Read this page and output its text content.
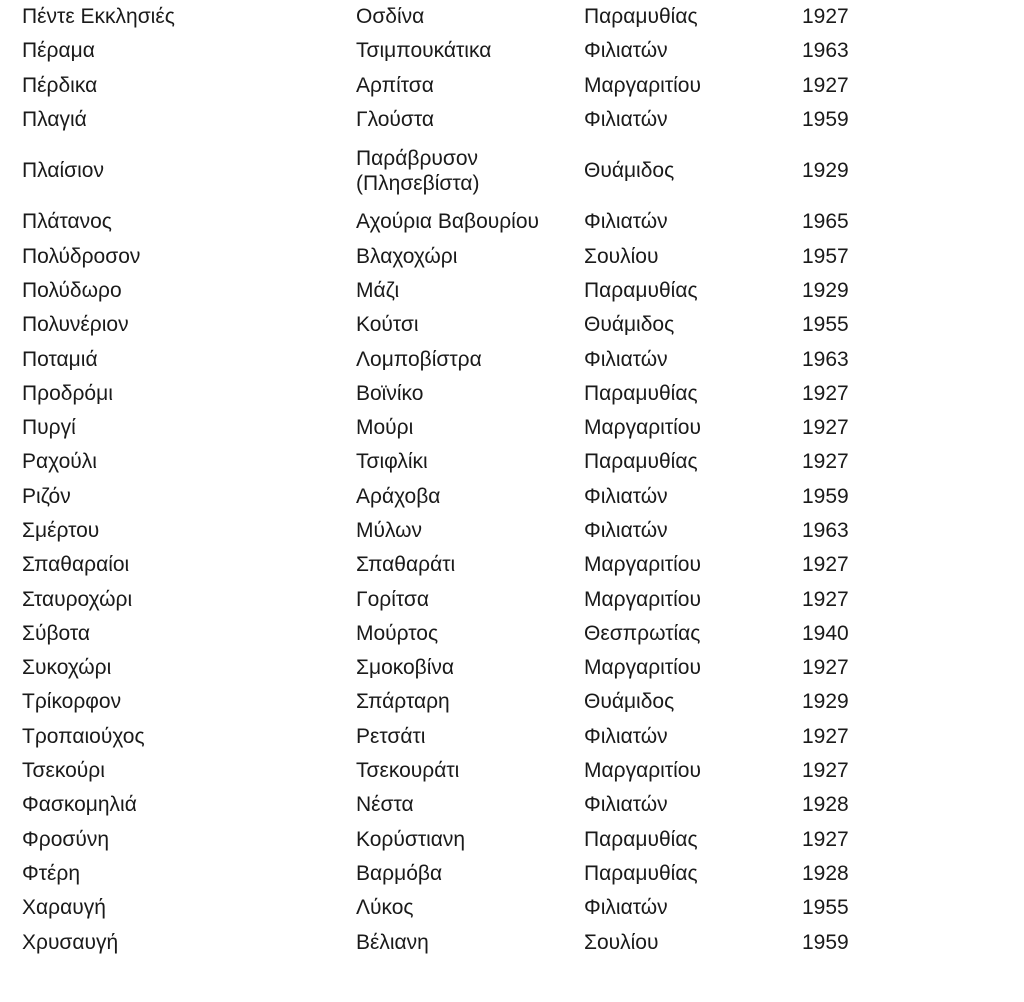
Πέντε Εκκλησιές	Οσδίνα	Παραμυθίας	1927
Πέραμα	Τσιμπουκάτικα	Φιλιατών	1963
Πέρδικα	Αρπίτσα	Μαργαριτίου	1927
Πλαγιά	Γλούστα	Φιλιατών	1959
Πλαίσιον	Παράβρυσον (Πλησεβίστα)	Θυάμιδος	1929
Πλάτανος	Αχούρια Βαβουρίου	Φιλιατών	1965
Πολύδροσον	Βλαχοχώρι	Σουλίου	1957
Πολύδωρο	Μάζι	Παραμυθίας	1929
Πολυνέριον	Κούτσι	Θυάμιδος	1955
Ποταμιά	Λομποβίστρα	Φιλιατών	1963
Προδρόμι	Βοϊνίκο	Παραμυθίας	1927
Πυργί	Μούρι	Μαργαριτίου	1927
Ραχούλι	Τσιφλίκι	Παραμυθίας	1927
Ριζόν	Αράχοβα	Φιλιατών	1959
Σμέρτου	Μύλων	Φιλιατών	1963
Σπαθαραίοι	Σπαθαράτι	Μαργαριτίου	1927
Σταυροχώρι	Γορίτσα	Μαργαριτίου	1927
Σύβοτα	Μούρτος	Θεσπρωτίας	1940
Συκοχώρι	Σμοκοβίνα	Μαργαριτίου	1927
Τρίκορφον	Σπάρταρη	Θυάμιδος	1929
Τροπαιούχος	Ρετσάτι	Φιλιατών	1927
Τσεκούρι	Τσεκουράτι	Μαργαριτίου	1927
Φασκομηλιά	Νέστα	Φιλιατών	1928
Φροσύνη	Κορύστιανη	Παραμυθίας	1927
Φτέρη	Βαρμόβα	Παραμυθίας	1928
Χαραυγή	Λύκος	Φιλιατών	1955
Χρυσαυγή	Βέλιανη	Σουλίου	1959
